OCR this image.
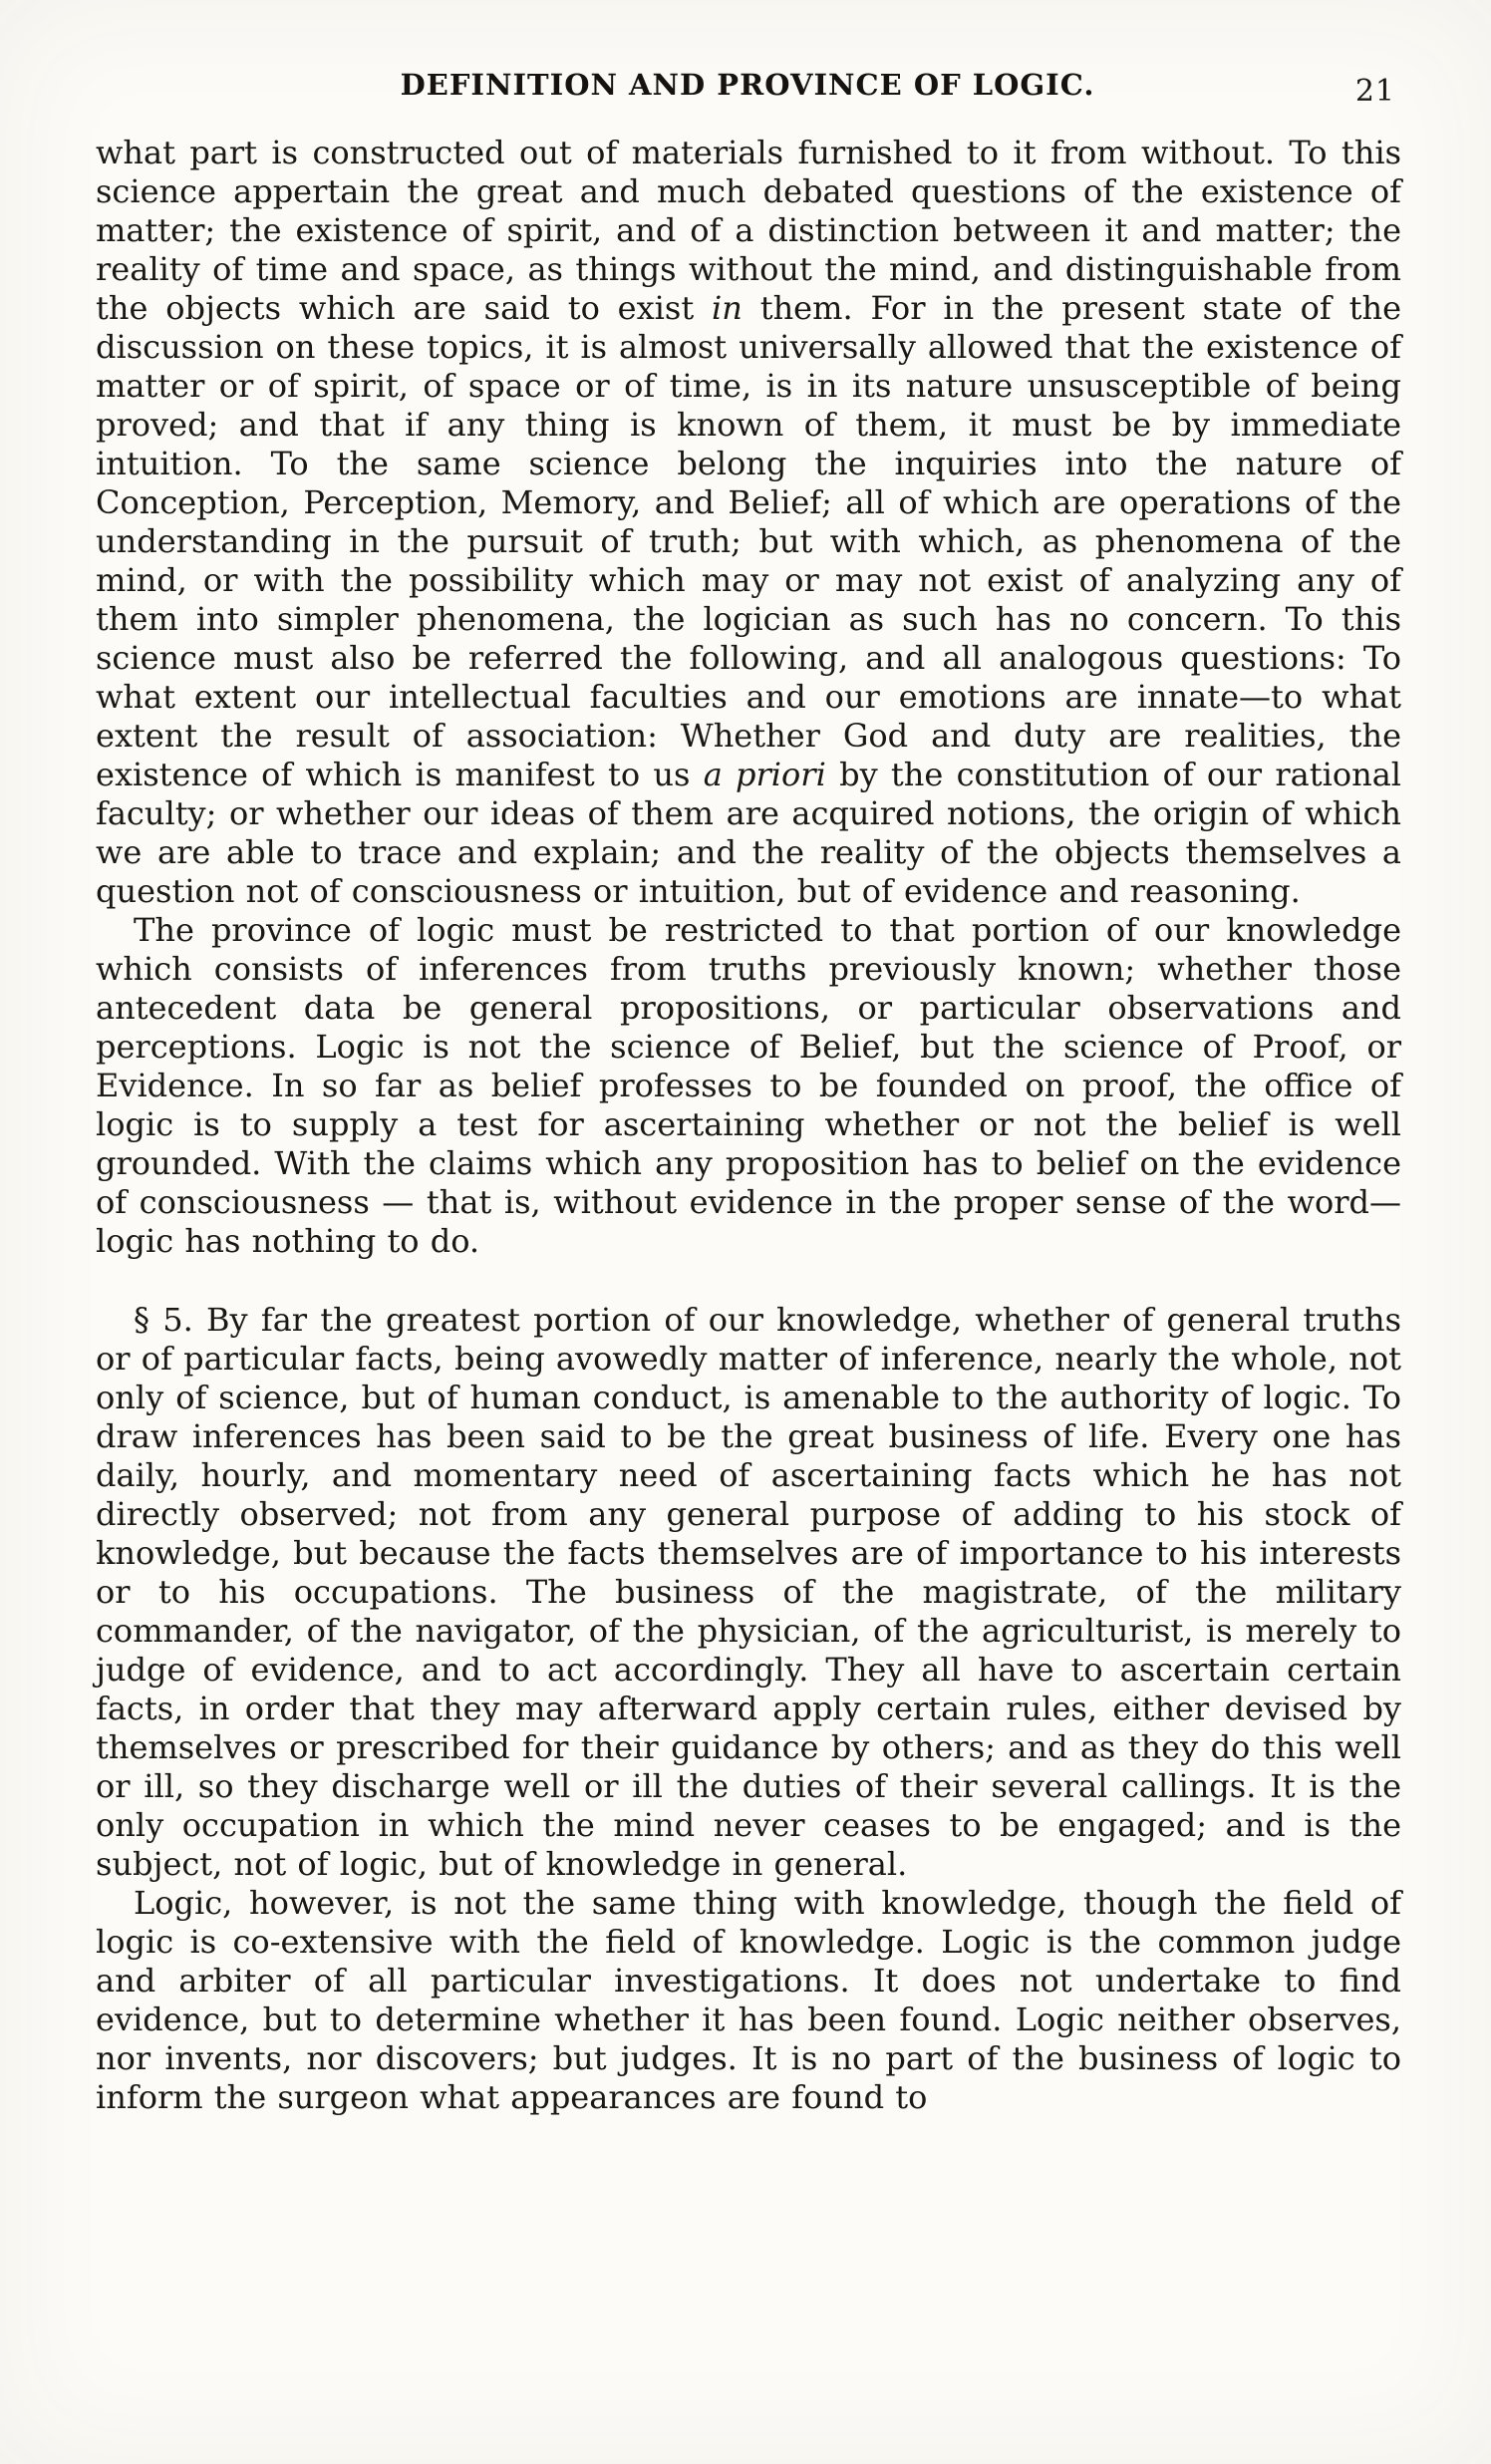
DEFINITION AND PROVINCE OF LOGIC.	21

what part is constructed out of materials furnished to it from without. To this science appertain the great and much debated questions of the existence of matter; the existence of spirit, and of a distinction between it and matter; the reality of time and space, as things without the mind, and distinguishable from the objects which are said to exist in them. For in the present state of the discussion on these topics, it is almost universally allowed that the existence of matter or of spirit, of space or of time, is in its nature unsusceptible of being proved; and that if any thing is known of them, it must be by immediate intuition. To the same science belong the inquiries into the nature of Conception, Perception, Memory, and Belief; all of which are operations of the understanding in the pursuit of truth; but with which, as phenomena of the mind, or with the possibility which may or may not exist of analyzing any of them into simpler phenomena, the logician as such has no concern. To this science must also be referred the following, and all analogous questions: To what extent our intellectual faculties and our emotions are innate—to what extent the result of association: Whether God and duty are realities, the existence of which is manifest to us a priori by the constitution of our rational faculty; or whether our ideas of them are acquired notions, the origin of which we are able to trace and explain; and the reality of the objects themselves a question not of consciousness or intuition, but of evidence and reasoning.

The province of logic must be restricted to that portion of our knowledge which consists of inferences from truths previously known; whether those antecedent data be general propositions, or particular observations and perceptions. Logic is not the science of Belief, but the science of Proof, or Evidence. In so far as belief professes to be founded on proof, the office of logic is to supply a test for ascertaining whether or not the belief is well grounded. With the claims which any proposition has to belief on the evidence of consciousness — that is, without evidence in the proper sense of the word—logic has nothing to do.

§ 5. By far the greatest portion of our knowledge, whether of general truths or of particular facts, being avowedly matter of inference, nearly the whole, not only of science, but of human conduct, is amenable to the authority of logic. To draw inferences has been said to be the great business of life. Every one has daily, hourly, and momentary need of ascertaining facts which he has not directly observed; not from any general purpose of adding to his stock of knowledge, but because the facts themselves are of importance to his interests or to his occupations. The business of the magistrate, of the military commander, of the navigator, of the physician, of the agriculturist, is merely to judge of evidence, and to act accordingly. They all have to ascertain certain facts, in order that they may afterward apply certain rules, either devised by themselves or prescribed for their guidance by others; and as they do this well or ill, so they discharge well or ill the duties of their several callings. It is the only occupation in which the mind never ceases to be engaged; and is the subject, not of logic, but of knowledge in general.

Logic, however, is not the same thing with knowledge, though the field of logic is co-extensive with the field of knowledge. Logic is the common judge and arbiter of all particular investigations. It does not undertake to find evidence, but to determine whether it has been found. Logic neither observes, nor invents, nor discovers; but judges. It is no part of the business of logic to inform the surgeon what appearances are found to
